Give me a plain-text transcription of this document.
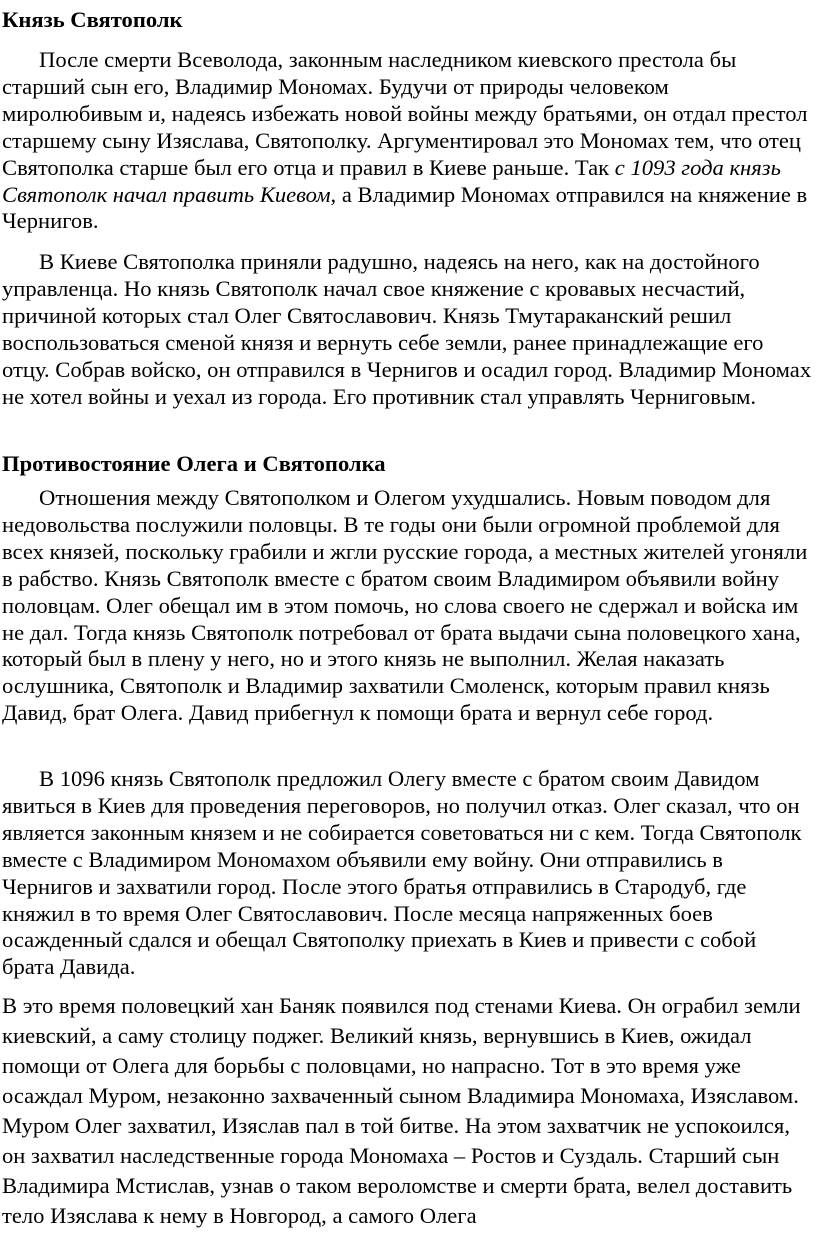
Князь Святополк

После смерти Всеволода, законным наследником киевского престола бы старший сын его, Владимир Мономах. Будучи от природы человеком миролюбивым и, надеясь избежать новой войны между братьями, он отдал престол старшему сыну Изяслава, Святополку. Аргументировал это Мономах тем, что отец Святополка старше был его отца и правил в Киеве раньше. Так с 1093 года князь Святополк начал править Киевом, а Владимир Мономах отправился на княжение в Чернигов.

В Киеве Святополка приняли радушно, надеясь на него, как на достойного управленца. Но князь Святополк начал свое княжение с кровавых несчастий, причиной которых стал Олег Святославович. Князь Тмутараканский решил воспользоваться сменой князя и вернуть себе земли, ранее принадлежащие его отцу. Собрав войско, он отправился в Чернигов и осадил город. Владимир Мономах не хотел войны и уехал из города. Его противник стал управлять Черниговым.

Противостояние Олега и Святополка

Отношения между Святополком и Олегом ухудшались. Новым поводом для недовольства послужили половцы. В те годы они были огромной проблемой для всех князей, поскольку грабили и жгли русские города, а местных жителей угоняли в рабство. Князь Святополк вместе с братом своим Владимиром объявили войну половцам. Олег обещал им в этом помочь, но слова своего не сдержал и войска им не дал. Тогда князь Святополк потребовал от брата выдачи сына половецкого хана, который был в плену у него, но и этого князь не выполнил. Желая наказать ослушника, Святополк и Владимир захватили Смоленск, которым правил князь Давид, брат Олега. Давид прибегнул к помощи брата и вернул себе город.

В 1096 князь Святополк предложил Олегу вместе с братом своим Давидом явиться в Киев для проведения переговоров, но получил отказ. Олег сказал, что он является законным князем и не собирается советоваться ни с кем. Тогда Святополк вместе с Владимиром Мономахом объявили ему войну. Они отправились в Чернигов и захватили город. После этого братья отправились в Стародуб, где княжил в то время Олег Святославович. После месяца напряженных боев осажденный сдался и обещал Святополку приехать в Киев и привести с собой брата Давида.

В это время половецкий хан Баняк появился под стенами Киева. Он ограбил земли киевский, а саму столицу поджег. Великий князь, вернувшись в Киев, ожидал помощи от Олега для борьбы с половцами, но напрасно. Тот в это время уже осаждал Муром, незаконно захваченный сыном Владимира Мономаха, Изяславом. Муром Олег захватил, Изяслав пал в той битве. На этом захватчик не успокоился, он захватил наследственные города Мономаха – Ростов и Суздаль. Старший сын Владимира Мстислав, узнав о таком вероломстве и смерти брата, велел доставить тело Изяслава к нему в Новгород, а самого Олега
